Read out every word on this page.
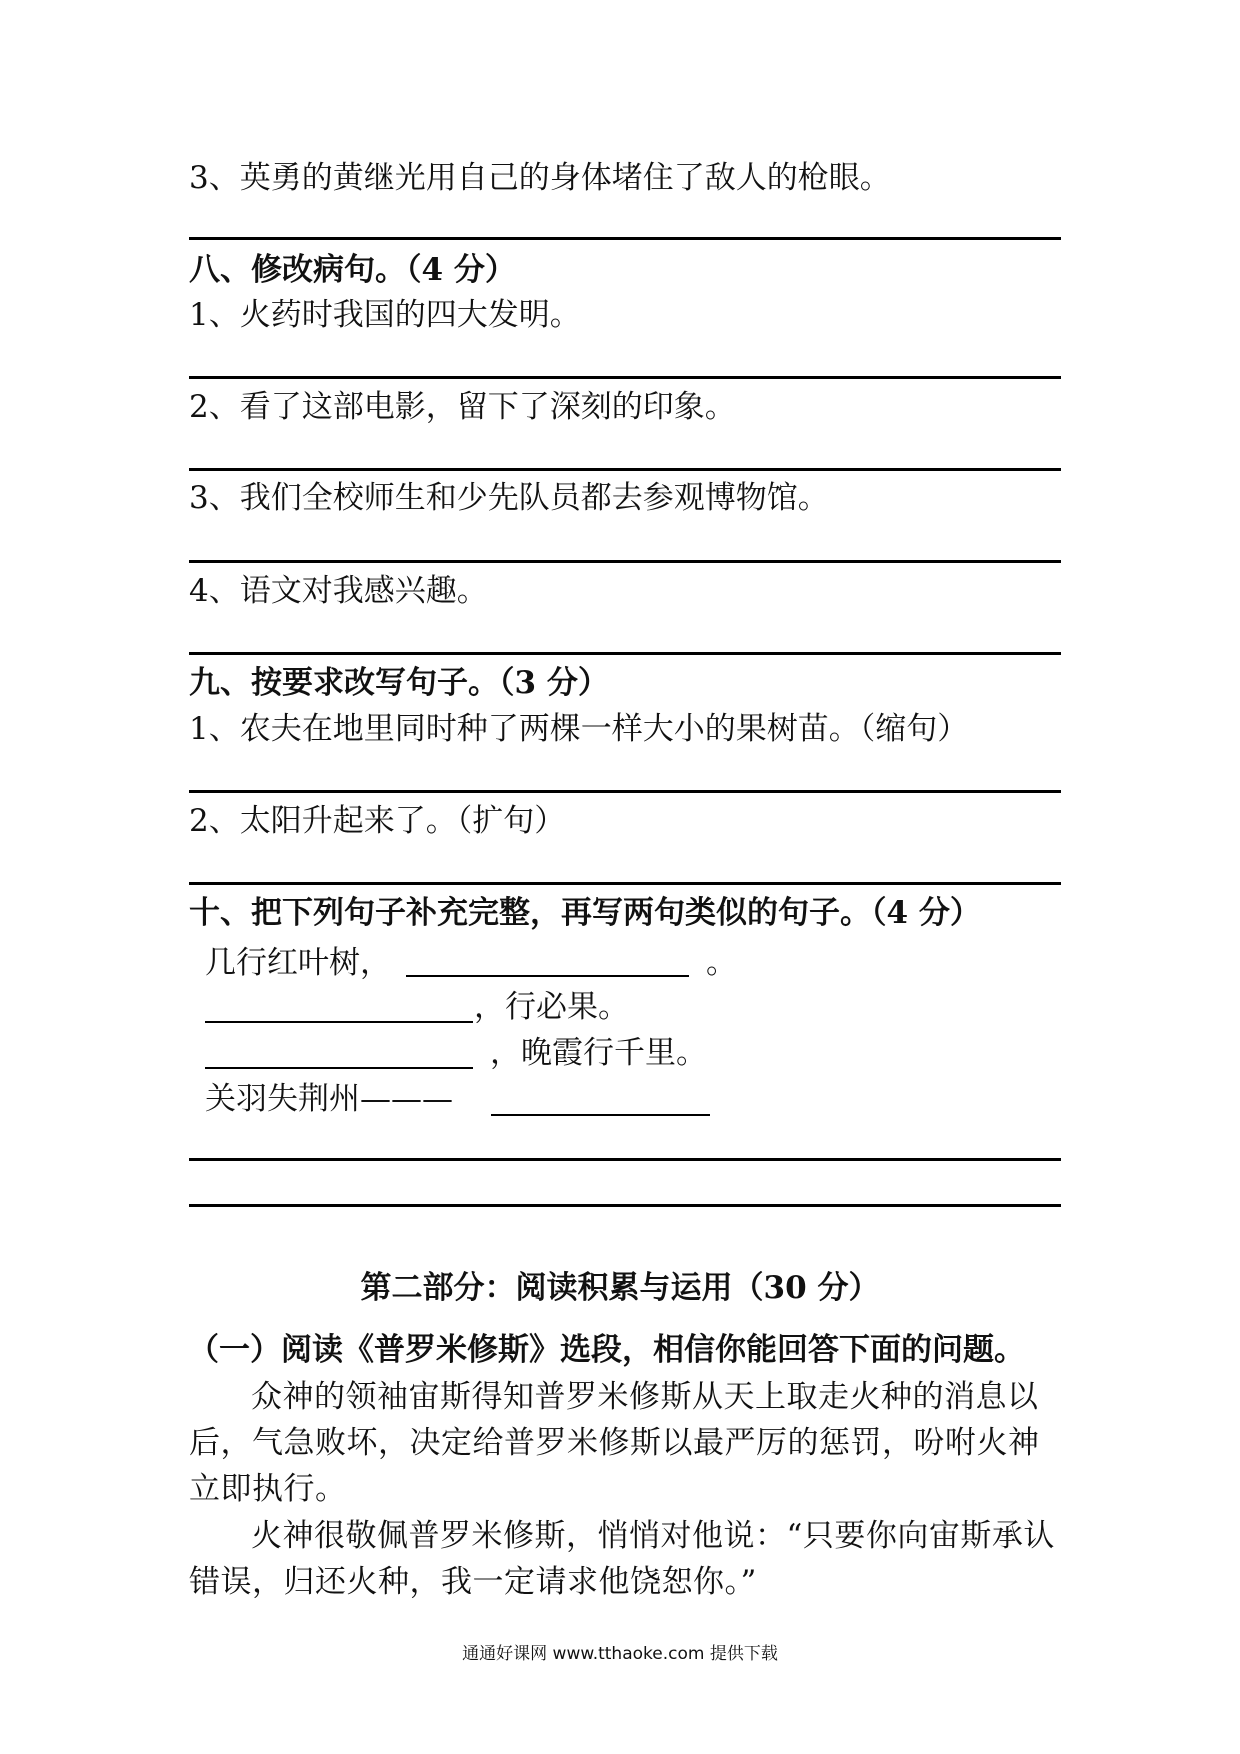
3、英勇的黄继光用自己的身体堵住了敌人的枪眼。
八、修改病句。（4 分）
1、火药时我国的四大发明。
2、看了这部电影，留下了深刻的印象。
3、我们全校师生和少先队员都去参观博物馆。
4、语文对我感兴趣。
九、按要求改写句子。（3 分）
1、农夫在地里同时种了两棵一样大小的果树苗。（缩句）
2、太阳升起来了。（扩句）
十、把下列句子补充完整，再写两句类似的句子。（4 分）
几行红叶树，	。
，行必果。
，晚霞行千里。
关羽失荆州———
第二部分：阅读积累与运用（30 分）
（一）阅读《普罗米修斯》选段，相信你能回答下面的问题。
众神的领袖宙斯得知普罗米修斯从天上取走火种的消息以后，气急败坏，决定给普罗米修斯以最严厉的惩罚，吩咐火神立即执行。
火神很敬佩普罗米修斯，悄悄对他说：“只要你向宙斯承认错误，归还火种，我一定请求他饶恕你。”
通通好课网 www.tthaoke.com 提供下载
